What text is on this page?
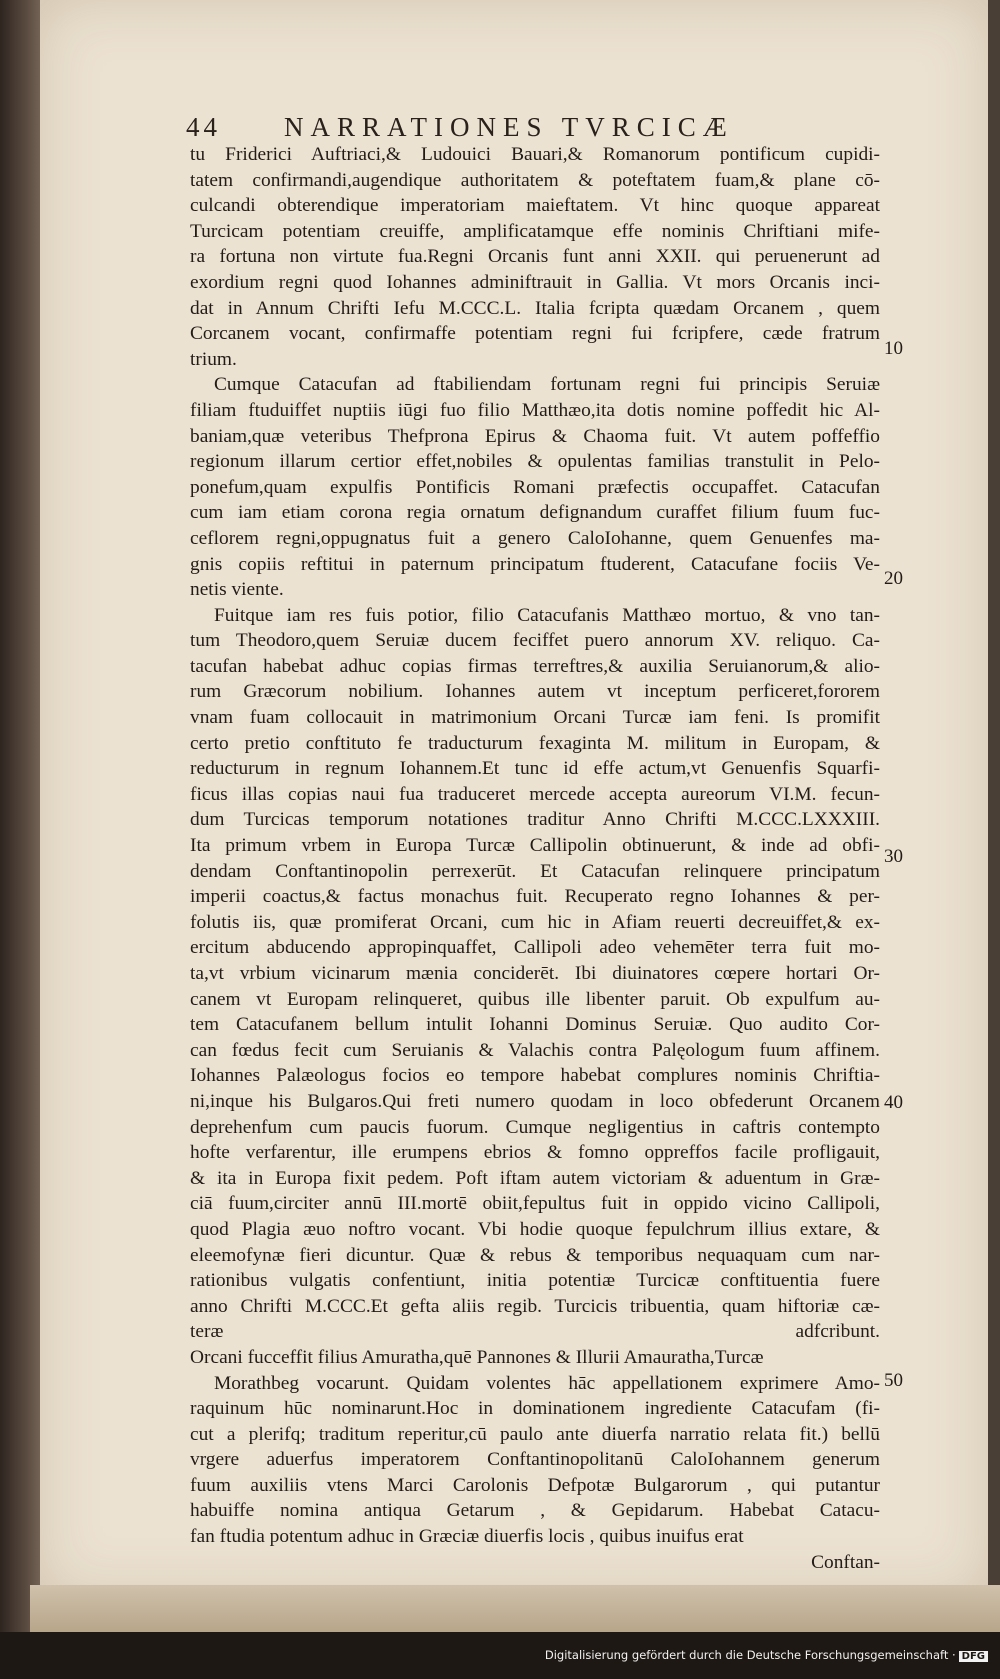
44 NARRATIONES TVRCICÆ
tu Friderici Auftriaci,& Ludouici Bauari,& Romanorum pontificum cupidi-
tatem confirmandi,augendique authoritatem & poteftatem fuam,& plane cō-
culcandi obterendique imperatoriam maieftatem. Vt hinc quoque appareat
Turcicam potentiam creuiffe, amplificatamque effe nominis Chriftiani mife-
ra fortuna non virtute fua.Regni Orcanis funt anni XXII. qui peruenerunt ad
exordium regni quod Iohannes adminiftrauit in Gallia. Vt mors Orcanis inci-
dat in Annum Chrifti Iefu M.CCC.L. Italia fcripta quædam Orcanem , quem
Corcanem vocant, confirmaffe potentiam regni fui fcripfere, cæde fratrum
trium.
Cumque Catacufan ad ftabiliendam fortunam regni fui principis Seruiæ
filiam ftuduiffet nuptiis iūgi fuo filio Matthæo,ita dotis nomine poffedit hic Al-
baniam,quæ veteribus Thefprona Epirus & Chaoma fuit. Vt autem poffeffio
regionum illarum certior effet,nobiles & opulentas familias transtulit in Pelo-
ponefum,quam expulfis Pontificis Romani præfectis occupaffet. Catacufan
cum iam etiam corona regia ornatum defignandum curaffet filium fuum fuc-
ceflorem regni,oppugnatus fuit a genero CaloIohanne, quem Genuenfes ma-
gnis copiis reftitui in paternum principatum ftuderent, Catacufane fociis Ve-
netis viente.
Fuitque iam res fuis potior, filio Catacufanis Matthæo mortuo, & vno tan-
tum Theodoro,quem Seruiæ ducem feciffet puero annorum XV. reliquo. Ca-
tacufan habebat adhuc copias firmas terreftres,& auxilia Seruianorum,& alio-
rum Græcorum nobilium. Iohannes autem vt inceptum perficeret,fororem
vnam fuam collocauit in matrimonium Orcani Turcæ iam feni. Is promifit
certo pretio conftituto fe traducturum fexaginta M. militum in Europam, &
reducturum in regnum Iohannem.Et tunc id effe actum,vt Genuenfis Squarfi-
ficus illas copias naui fua traduceret mercede accepta aureorum VI.M. fecun-
dum Turcicas temporum notationes traditur Anno Chrifti M.CCC.LXXXIII.
Ita primum vrbem in Europa Turcæ Callipolin obtinuerunt, & inde ad obfi-
dendam Conftantinopolin perrexerūt. Et Catacufan relinquere principatum
imperii coactus,& factus monachus fuit. Recuperato regno Iohannes & per-
folutis iis, quæ promiferat Orcani, cum hic in Afiam reuerti decreuiffet,& ex-
ercitum abducendo appropinquaffet, Callipoli adeo vehemēter terra fuit mo-
ta,vt vrbium vicinarum mænia conciderēt. Ibi diuinatores cœpere hortari Or-
canem vt Europam relinqueret, quibus ille libenter paruit. Ob expulfum au-
tem Catacufanem bellum intulit Iohanni Dominus Seruiæ. Quo audito Cor-
can fœdus fecit cum Seruianis & Valachis contra Palęologum fuum affinem.
Iohannes Palæologus focios eo tempore habebat complures nominis Chriftia-
ni,inque his Bulgaros.Qui freti numero quodam in loco obfederunt Orcanem
deprehenfum cum paucis fuorum. Cumque negligentius in caftris contempto
hofte verfarentur, ille erumpens ebrios & fomno oppreffos facile profligauit,
& ita in Europa fixit pedem. Poft iftam autem victoriam & aduentum in Græ-
ciā fuum,circiter annū III.mortē obiit,fepultus fuit in oppido vicino Callipoli,
quod Plagia æuo noftro vocant. Vbi hodie quoque fepulchrum illius extare, &
eleemofynæ fieri dicuntur. Quæ & rebus & temporibus nequaquam cum nar-
rationibus vulgatis confentiunt, initia potentiæ Turcicæ conftituentia fuere
anno Chrifti M.CCC.Et gefta aliis regib. Turcicis tribuentia, quam hiftoriæ cæ-
teræ adfcribunt.
Orcani fucceffit filius Amuratha,quē Pannones & Illurii Amauratha,Turcæ
Morathbeg vocarunt. Quidam volentes hāc appellationem exprimere Amo-
raquinum hūc nominarunt.Hoc in dominationem ingrediente Catacufam (fi-
cut a plerifq; traditum reperitur,cū paulo ante diuerfa narratio relata fit.) bellū
vrgere aduerfus imperatorem Conftantinopolitanū CaloIohannem generum
fuum auxiliis vtens Marci Carolonis Defpotæ Bulgarorum , qui putantur
habuiffe nomina antiqua Getarum , & Gepidarum. Habebat Catacu-
fan ftudia potentum adhuc in Græciæ diuerfis locis , quibus inuifus erat
Conftan-
10
20
30
40
50
Digitalisierung gefördert durch die Deutsche Forschungsgemeinschaft · DFG
